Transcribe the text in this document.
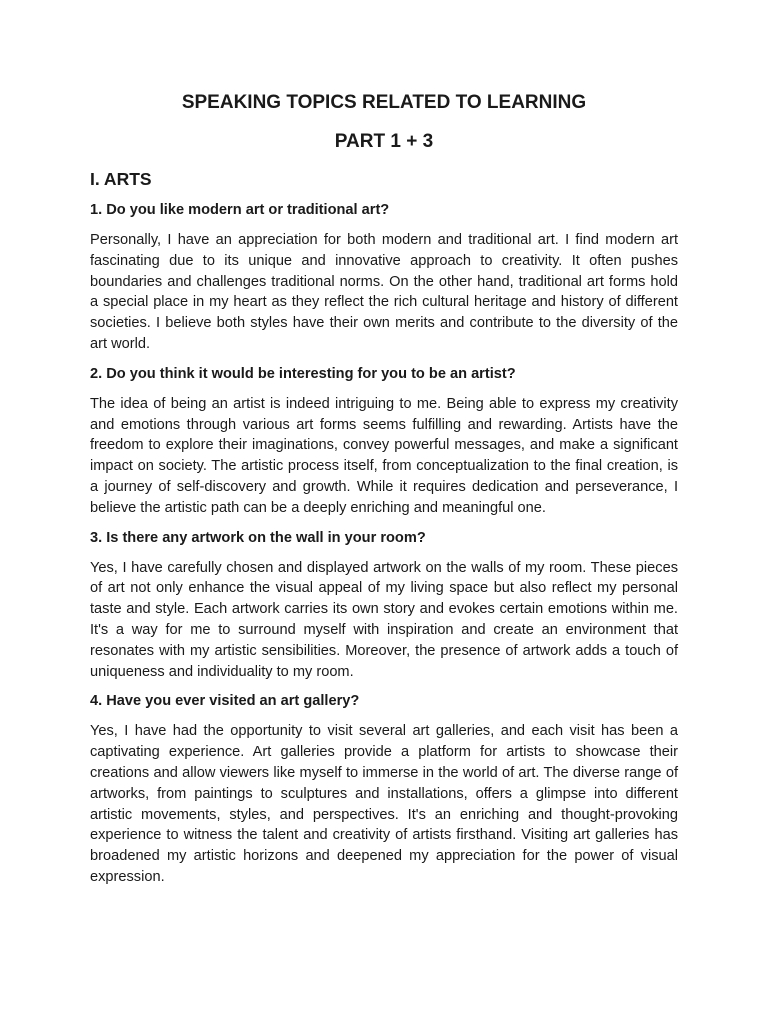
SPEAKING TOPICS RELATED TO LEARNING
PART 1 + 3
I. ARTS

1. Do you like modern art or traditional art?

Personally, I have an appreciation for both modern and traditional art. I find modern art fascinating due to its unique and innovative approach to creativity. It often pushes boundaries and challenges traditional norms. On the other hand, traditional art forms hold a special place in my heart as they reflect the rich cultural heritage and history of different societies. I believe both styles have their own merits and contribute to the diversity of the art world.

2. Do you think it would be interesting for you to be an artist?

The idea of being an artist is indeed intriguing to me. Being able to express my creativity and emotions through various art forms seems fulfilling and rewarding. Artists have the freedom to explore their imaginations, convey powerful messages, and make a significant impact on society. The artistic process itself, from conceptualization to the final creation, is a journey of self-discovery and growth. While it requires dedication and perseverance, I believe the artistic path can be a deeply enriching and meaningful one.

3. Is there any artwork on the wall in your room?

Yes, I have carefully chosen and displayed artwork on the walls of my room. These pieces of art not only enhance the visual appeal of my living space but also reflect my personal taste and style. Each artwork carries its own story and evokes certain emotions within me. It's a way for me to surround myself with inspiration and create an environment that resonates with my artistic sensibilities. Moreover, the presence of artwork adds a touch of uniqueness and individuality to my room.

4. Have you ever visited an art gallery?

Yes, I have had the opportunity to visit several art galleries, and each visit has been a captivating experience. Art galleries provide a platform for artists to showcase their creations and allow viewers like myself to immerse in the world of art. The diverse range of artworks, from paintings to sculptures and installations, offers a glimpse into different artistic movements, styles, and perspectives. It's an enriching and thought-provoking experience to witness the talent and creativity of artists firsthand. Visiting art galleries has broadened my artistic horizons and deepened my appreciation for the power of visual expression.
